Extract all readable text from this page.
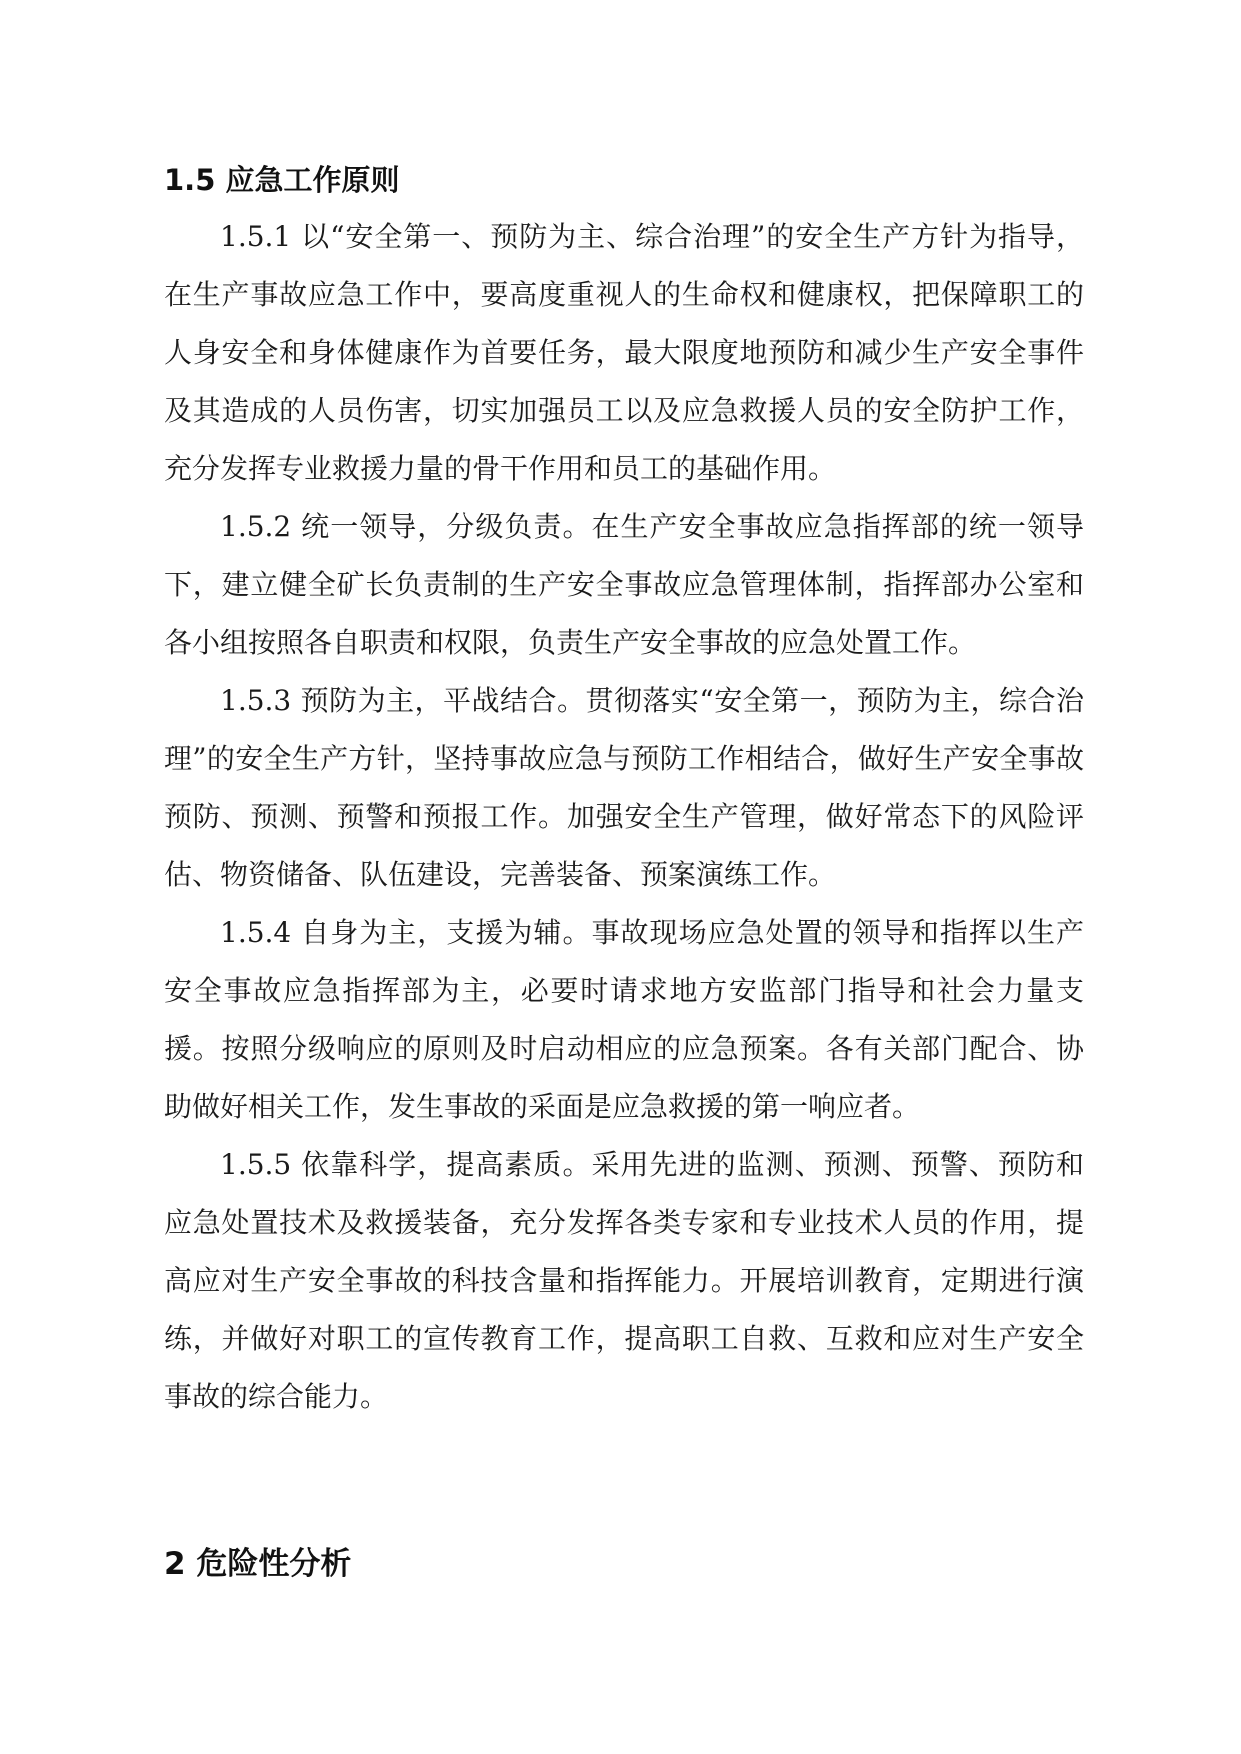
1.5 应急工作原则

1.5.1 以“安全第一、预防为主、综合治理”的安全生产方针为指导，在生产事故应急工作中，要高度重视人的生命权和健康权，把保障职工的人身安全和身体健康作为首要任务，最大限度地预防和减少生产安全事件及其造成的人员伤害，切实加强员工以及应急救援人员的安全防护工作，充分发挥专业救援力量的骨干作用和员工的基础作用。

1.5.2 统一领导，分级负责。在生产安全事故应急指挥部的统一领导下，建立健全矿长负责制的生产安全事故应急管理体制，指挥部办公室和各小组按照各自职责和权限，负责生产安全事故的应急处置工作。

1.5.3 预防为主，平战结合。贯彻落实“安全第一，预防为主，综合治理”的安全生产方针，坚持事故应急与预防工作相结合，做好生产安全事故预防、预测、预警和预报工作。加强安全生产管理，做好常态下的风险评估、物资储备、队伍建设，完善装备、预案演练工作。

1.5.4 自身为主，支援为辅。事故现场应急处置的领导和指挥以生产安全事故应急指挥部为主，必要时请求地方安监部门指导和社会力量支援。按照分级响应的原则及时启动相应的应急预案。各有关部门配合、协助做好相关工作，发生事故的采面是应急救援的第一响应者。

1.5.5 依靠科学，提高素质。采用先进的监测、预测、预警、预防和应急处置技术及救援装备，充分发挥各类专家和专业技术人员的作用，提高应对生产安全事故的科技含量和指挥能力。开展培训教育，定期进行演练，并做好对职工的宣传教育工作，提高职工自救、互救和应对生产安全事故的综合能力。

2 危险性分析
